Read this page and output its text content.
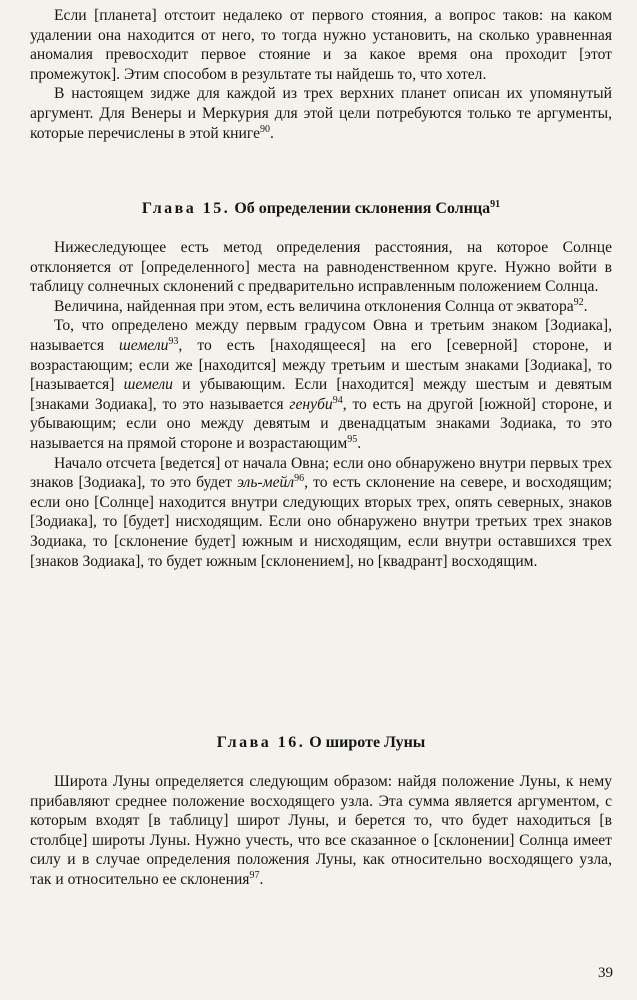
Если [планета] отстоит недалеко от первого стояния, а вопрос таков: на каком удалении она находится от него, то тогда нужно установить, на сколько уравненная аномалия превосходит первое стояние и за какое время она проходит [этот промежуток]. Этим способом в результате ты найдешь то, что хотел.

В настоящем зидже для каждой из трех верхних планет описан их упомянутый аргумент. Для Венеры и Меркурия для этой цели потребуются только те аргументы, которые перечислены в этой книге$^{90}$.

Глава 15. Об определении склонения Солнца$^{91}$

Нижеследующее есть метод определения расстояния, на которое Солнце отклоняется от [определенного] места на равноденственном круге. Нужно войти в таблицу солнечных склонений с предварительно исправленным положением Солнца.

Величина, найденная при этом, есть величина отклонения Солнца от экватора$^{92}$.

То, что определено между первым градусом Овна и третьим знаком [Зодиака], называется шемели$^{93}$, то есть [находящееся] на его [северной] стороне, и возрастающим; если же [находится] между третьим и шестым знаками [Зодиака], то [называется] шемели и убывающим. Если [находится] между шестым и девятым [знаками Зодиака], то это называется генуби$^{94}$, то есть на другой [южной] стороне, и убывающим; если оно между девятым и двенадцатым знаками Зодиака, то это называется на прямой стороне и возрастающим$^{95}$.

Начало отсчета [ведется] от начала Овна; если оно обнаружено внутри первых трех знаков [Зодиака], то это будет эль-мейл$^{96}$, то есть склонение на севере, и восходящим; если оно [Солнце] находится внутри следующих вторых трех, опять северных, знаков [Зодиака], то [будет] нисходящим. Если оно обнаружено внутри третьих трех знаков Зодиака, то [склонение будет] южным и нисходящим, если внутри оставшихся трех [знаков Зодиака], то будет южным [склонением], но [квадрант] восходящим.

Глава 16. О широте Луны

Широта Луны определяется следующим образом: найдя положение Луны, к нему прибавляют среднее положение восходящего узла. Эта сумма является аргументом, с которым входят [в таблицу] широт Луны, и берется то, что будет находиться [в столбце] широты Луны. Нужно учесть, что все сказанное о [склонении] Солнца имеет силу и в случае определения положения Луны, как относительно восходящего узла, так и относительно ее склонения$^{97}$.

39
